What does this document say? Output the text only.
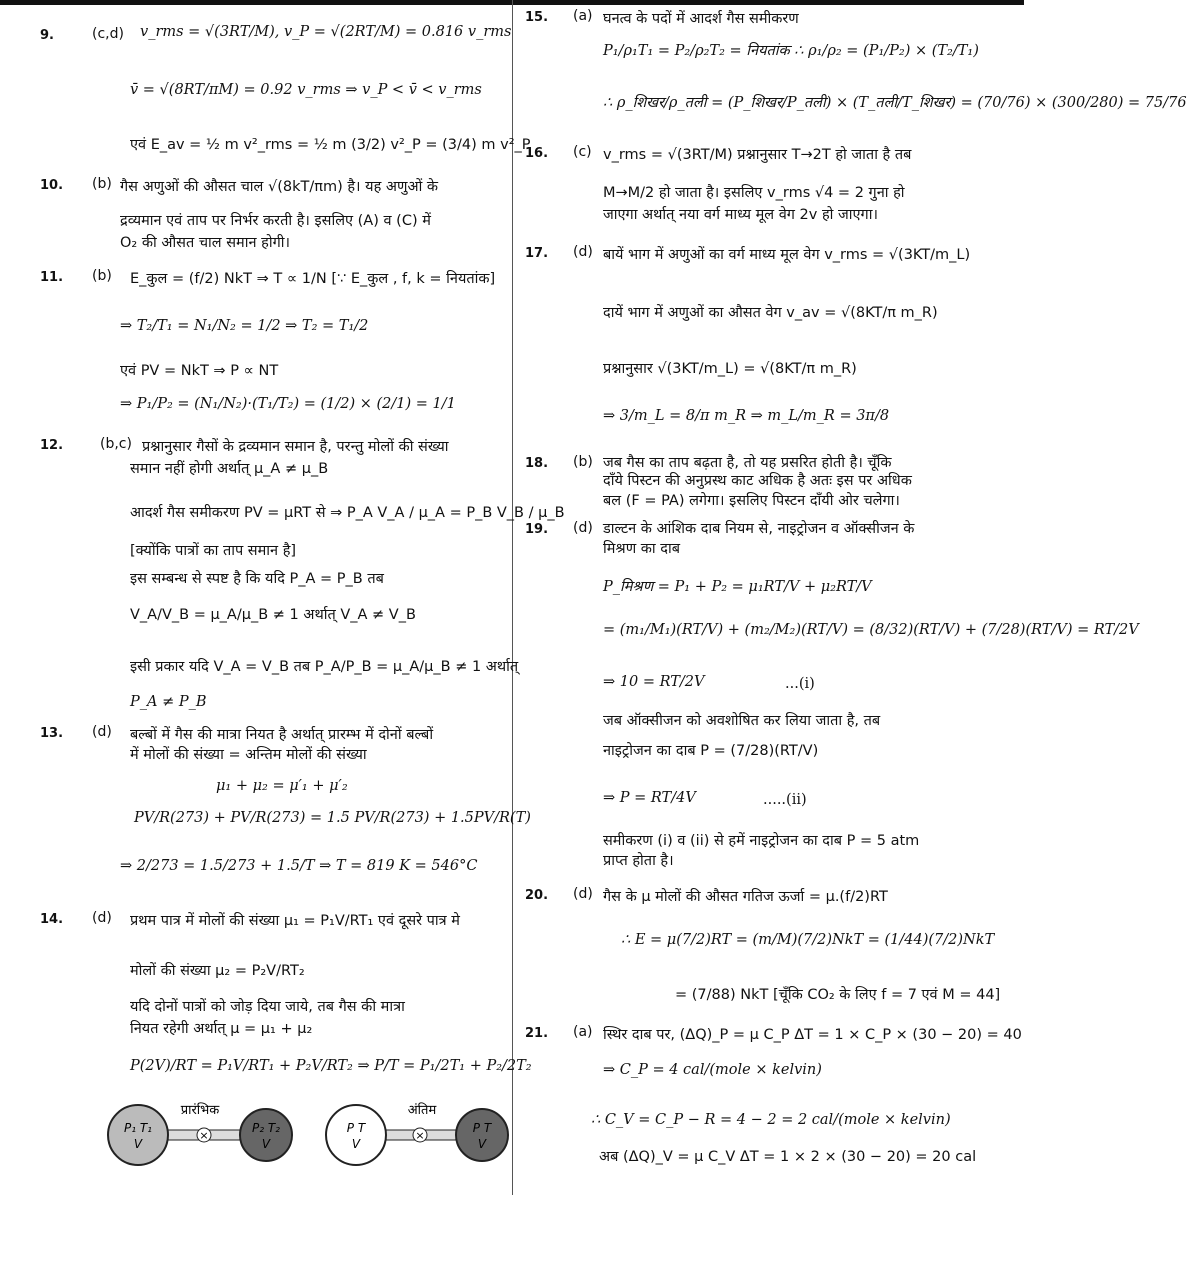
9.	(c,d) v_rms = √(3RT/M), v_P = √(2RT/M) = 0.816 v_rms
v̄ = √(8RT/πM) = 0.92 v_rms ⇒ v_P < v̄ < v_rms
एवं E_av = ½ m v²_rms = ½ m (3/2) v²_P = (3/4) m v²_P
10. (b) गैस अणुओं की औसत चाल √(8kT/πm) है। यह अणुओं के
द्रव्यमान एवं ताप पर निर्भर करती है। इसलिए (A) व (C) में
O₂ की औसत चाल समान होगी।
11. (b) E_कुल = (f/2) NkT ⇒ T ∝ 1/N [∵ E_कुल , f, k = नियतांक]
⇒ T₂/T₁ = N₁/N₂ = 1/2 ⇒ T₂ = T₁/2
एवं PV = NkT ⇒ P ∝ NT
⇒ P₁/P₂ = (N₁/N₂)·(T₁/T₂) = (1/2) × (2/1) = 1/1
12.	(b,c) प्रश्नानुसार गैसों के द्रव्यमान समान है, परन्तु मोलों की संख्या
समान नहीं होगी अर्थात् μ_A ≠ μ_B
आदर्श गैस समीकरण PV = μRT से ⇒ P_A V_A / μ_A = P_B V_B / μ_B
[क्योंकि पात्रों का ताप समान है]
इस सम्बन्ध से स्पष्ट है कि यदि P_A = P_B तब
V_A/V_B = μ_A/μ_B ≠ 1 अर्थात् V_A ≠ V_B
इसी प्रकार यदि V_A = V_B तब P_A/P_B = μ_A/μ_B ≠ 1 अर्थात्
P_A ≠ P_B
13. (d) बल्बों में गैस की मात्रा नियत है अर्थात् प्रारम्भ में दोनों बल्बों
में मोलों की संख्या = अन्तिम मोलों की संख्या
μ₁ + μ₂ = μ′₁ + μ′₂
PV/R(273) + PV/R(273) = 1.5 PV/R(273) + 1.5PV/R(T)
⇒ 2/273 = 1.5/273 + 1.5/T ⇒ T = 819 K = 546°C
14. (d) प्रथम पात्र में मोलों की संख्या μ₁ = P₁V/RT₁ एवं दूसरे पात्र मे
मोलों की संख्या μ₂ = P₂V/RT₂
यदि दोनों पात्रों को जोड़ दिया जाये, तब गैस की मात्रा
नियत रहेगी अर्थात् μ = μ₁ + μ₂
P(2V)/RT = P₁V/RT₁ + P₂V/RT₂ ⇒ P/T = P₁/2T₁ + P₂/2T₂
×
प्रारंभिक
P₁ T₁
V
P₂ T₂
V
×
अंतिम
P T
V
P T
V
15. (a) घनत्व के पदों में आदर्श गैस समीकरण
P₁/ρ₁T₁ = P₂/ρ₂T₂ = नियतांक ∴ ρ₁/ρ₂ = (P₁/P₂) × (T₂/T₁)
∴ ρ_शिखर/ρ_तली = (P_शिखर/P_तली) × (T_तली/T_शिखर) = (70/76) × (300/280) = 75/76
16. (c) v_rms = √(3RT/M) प्रश्नानुसार T→2T हो जाता है तब
M→M/2 हो जाता है। इसलिए v_rms √4 = 2 गुना हो
जाएगा अर्थात् नया वर्ग माध्य मूल वेग 2v हो जाएगा।
17. (d) बायें भाग में अणुओं का वर्ग माध्य मूल वेग v_rms = √(3KT/m_L)
दायें भाग में अणुओं का औसत वेग v_av = √(8KT/π m_R)
प्रश्नानुसार √(3KT/m_L) = √(8KT/π m_R)
⇒ 3/m_L = 8/π m_R ⇒ m_L/m_R = 3π/8
18. (b) जब गैस का ताप बढ़ता है, तो यह प्रसरित होती है। चूँकि
दाँये पिस्टन की अनुप्रस्थ काट अधिक है अतः इस पर अधिक
बल (F = PA) लगेगा। इसलिए पिस्टन दाँयी ओर चलेगा।
19. (d) डाल्टन के आंशिक दाब नियम से, नाइट्रोजन व ऑक्सीजन के
मिश्रण का दाब
P_मिश्रण = P₁ + P₂ = μ₁RT/V + μ₂RT/V
= (m₁/M₁)(RT/V) + (m₂/M₂)(RT/V) = (8/32)(RT/V) + (7/28)(RT/V) = RT/2V
⇒ 10 = RT/2V	...(i)
जब ऑक्सीजन को अवशोषित कर लिया जाता है, तब
नाइट्रोजन का दाब P = (7/28)(RT/V)
⇒ P = RT/4V	.....(ii)
समीकरण (i) व (ii) से हमें नाइट्रोजन का दाब P = 5 atm
प्राप्त होता है।
20. (d) गैस के μ मोलों की औसत गतिज ऊर्जा = μ.(f/2)RT
∴ E = μ(7/2)RT = (m/M)(7/2)NkT = (1/44)(7/2)NkT
= (7/88) NkT [चूँकि CO₂ के लिए f = 7 एवं M = 44]
21. (a) स्थिर दाब पर, (ΔQ)_P = μ C_P ΔT = 1 × C_P × (30 − 20) = 40
⇒ C_P = 4 cal/(mole × kelvin)
∴ C_V = C_P − R = 4 − 2 = 2 cal/(mole × kelvin)
अब (ΔQ)_V = μ C_V ΔT = 1 × 2 × (30 − 20) = 20 cal
